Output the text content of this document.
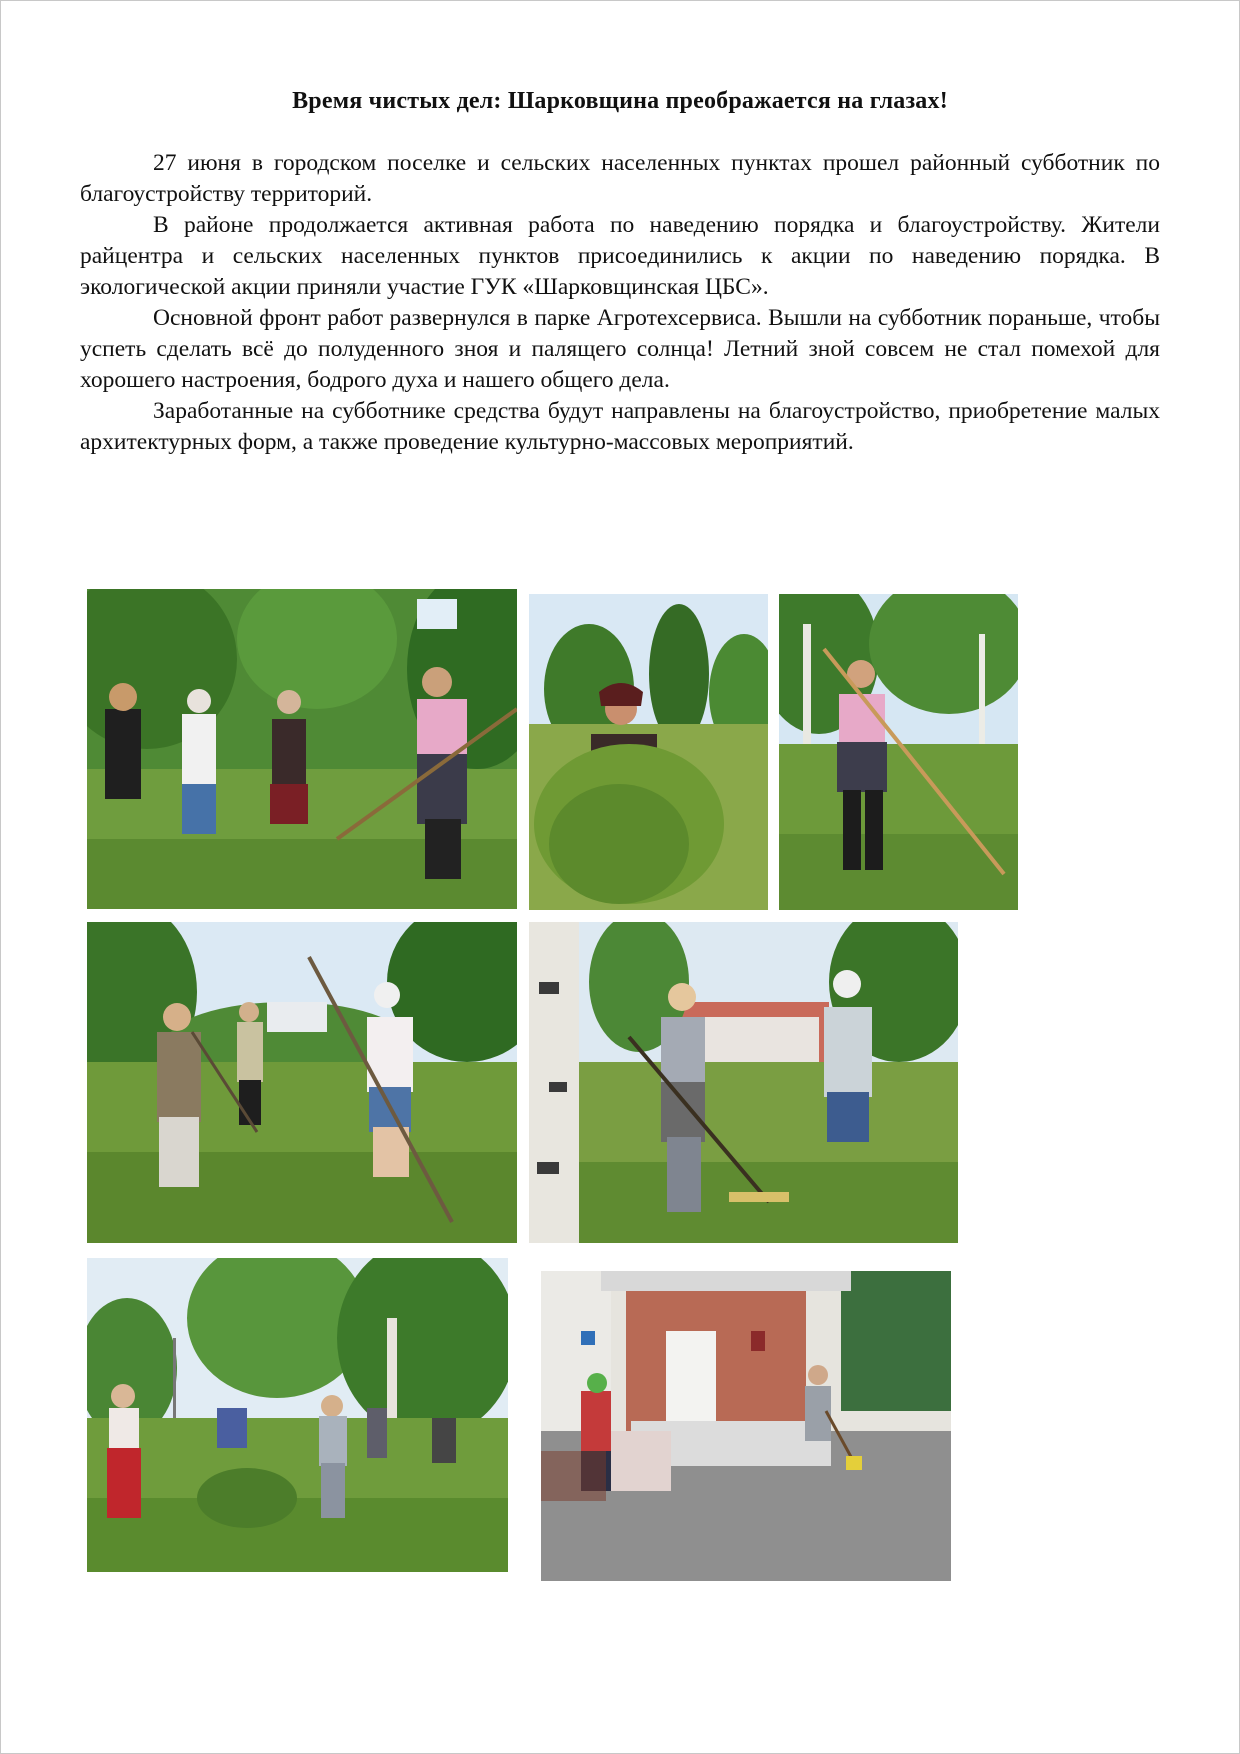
Время чистых дел: Шарковщина преображается на глазах!

27 июня в городском поселке и сельских населенных пунктах прошел районный субботник по благоустройству территорий.

В районе продолжается активная работа по наведению порядка и благоустройству. Жители райцентра и сельских населенных пунктов присоединились к акции по наведению порядка. В экологической акции приняли участие ГУК «Шарковщинская ЦБС».

Основной фронт работ развернулся в парке Агротехсервиса. Вышли на субботник пораньше, чтобы успеть сделать всё до полуденного зноя и палящего солнца! Летний зной совсем не стал помехой для хорошего настроения, бодрого духа и нашего общего дела.

Заработанные на субботнике средства будут направлены на благоустройство, приобретение малых архитектурных форм, а также проведение культурно-массовых мероприятий.
